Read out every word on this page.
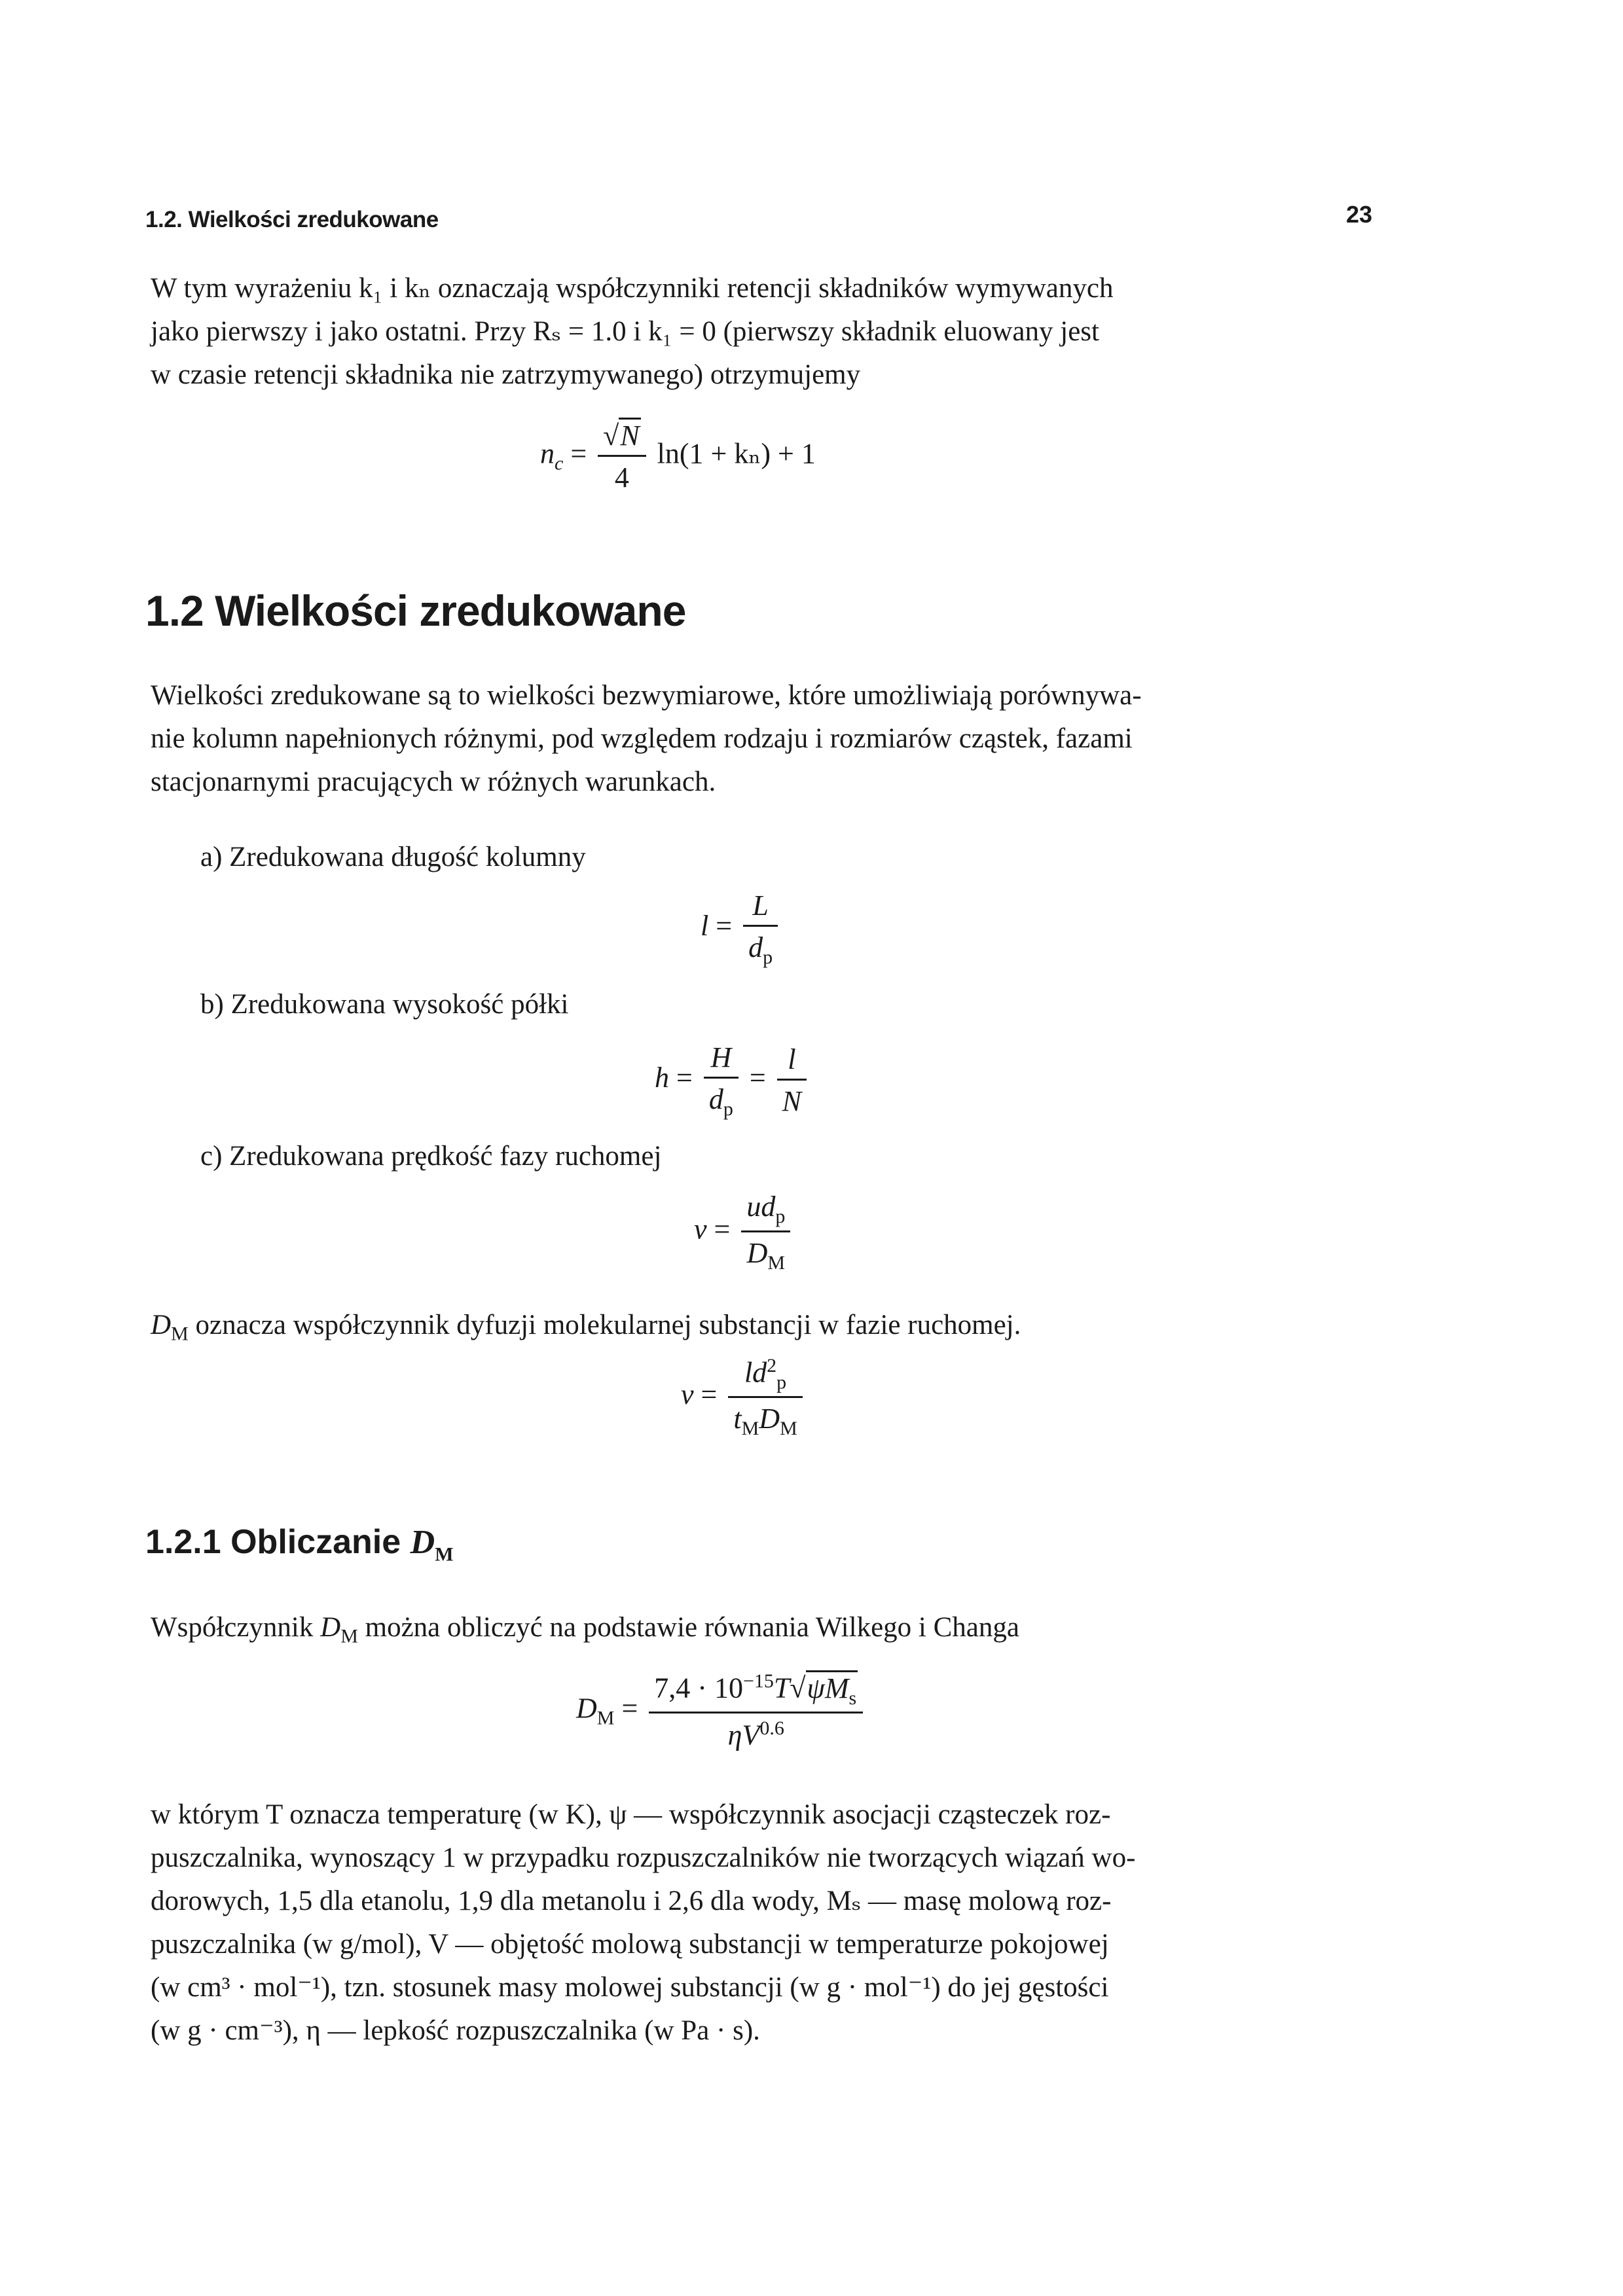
1.2. Wielkości zredukowane	23
W tym wyrażeniu k₁ i kₙ oznaczają współczynniki retencji składników wymywanych
jako pierwszy i jako ostatni. Przy Rₛ = 1.0 i k₁ = 0 (pierwszy składnik eluowany jest
w czasie retencji składnika nie zatrzymywanego) otrzymujemy
$n_c = \frac{√N}{4} \ln(1 + k_n) + 1$
1.2 Wielkości zredukowane
Wielkości zredukowane są to wielkości bezwymiarowe, które umożliwiają porównywa-
nie kolumn napełnionych różnymi, pod względem rodzaju i rozmiarów cząstek, fazami
stacjonarnymi pracujących w różnych warunkach.
a) Zredukowana długość kolumny
$l = \frac{L}{d_p}$
b) Zredukowana wysokość półki
$h = \frac{H}{d_p} = \frac{l}{N}$
c) Zredukowana prędkość fazy ruchomej
$v = \frac{ud_p}{D_M}$
$D_M$ oznacza współczynnik dyfuzji molekularnej substancji w fazie ruchomej.
$v = \frac{ld^2_p}{t_MD_M}$
1.2.1 Obliczanie $D_M$
Współczynnik $D_M$ można obliczyć na podstawie równania Wilkego i Changa
$D_M = \frac{7,4 \cdot 10^{-15}T√\psi M_s}{\eta V^{0.6}}$
w którym T oznacza temperaturę (w K), ψ — współczynnik asocjacji cząsteczek roz-
puszczalnika, wynoszący 1 w przypadku rozpuszczalników nie tworzących wiązań wo-
dorowych, 1,5 dla etanolu, 1,9 dla metanolu i 2,6 dla wody, Mₛ — masę molową roz-
puszczalnika (w g/mol), V — objętość molową substancji w temperaturze pokojowej
(w cm³ · mol⁻¹), tzn. stosunek masy molowej substancji (w g · mol⁻¹) do jej gęstości
(w g · cm⁻³), η — lepkość rozpuszczalnika (w Pa · s).
